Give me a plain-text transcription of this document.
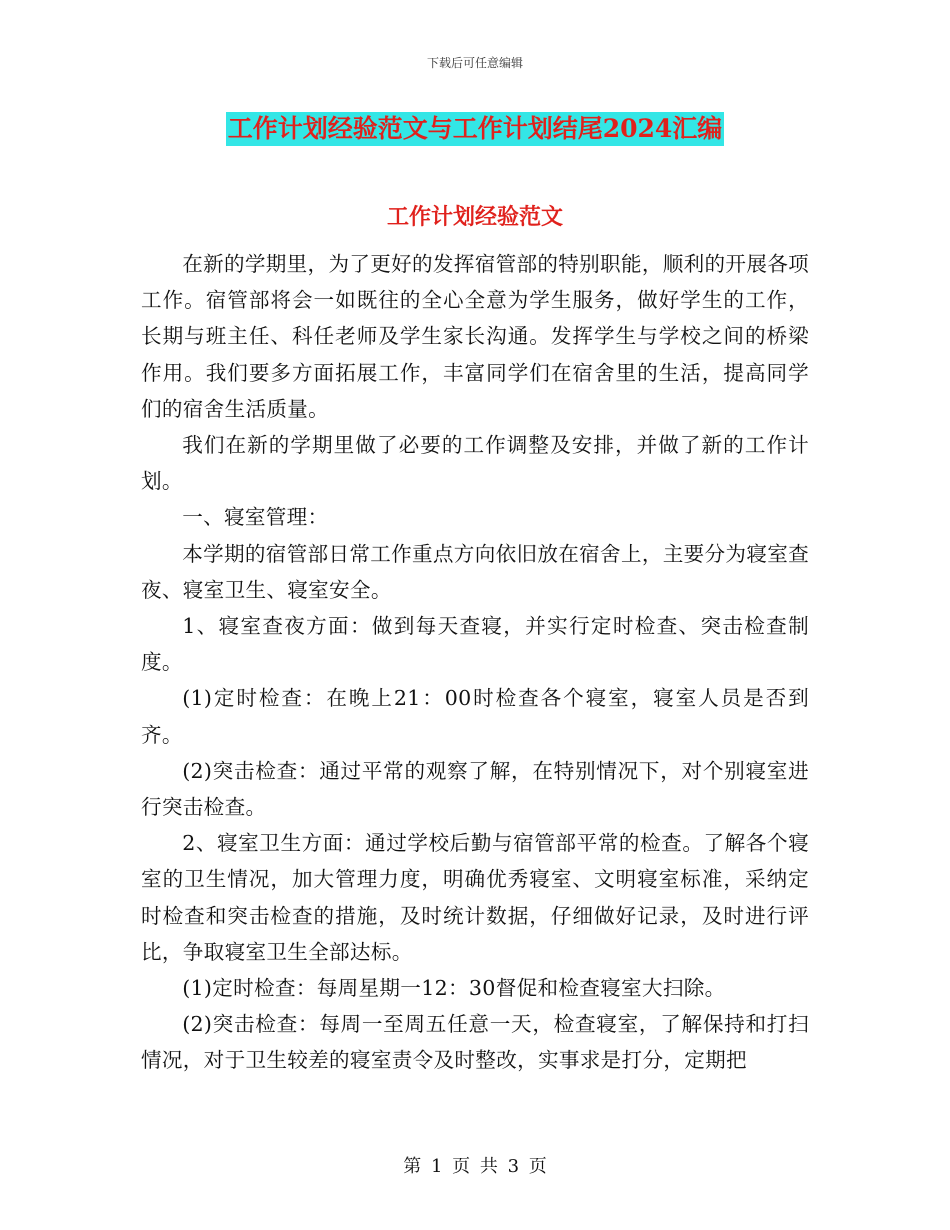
下载后可任意编辑
工作计划经验范文与工作计划结尾2024汇编
工作计划经验范文

在新的学期里，为了更好的发挥宿管部的特别职能，顺利的开展各项工作。宿管部将会一如既往的全心全意为学生服务，做好学生的工作，长期与班主任、科任老师及学生家长沟通。发挥学生与学校之间的桥梁作用。我们要多方面拓展工作，丰富同学们在宿舍里的生活，提高同学们的宿舍生活质量。

我们在新的学期里做了必要的工作调整及安排，并做了新的工作计划。

一、寝室管理：

本学期的宿管部日常工作重点方向依旧放在宿舍上，主要分为寝室查夜、寝室卫生、寝室安全。

1、寝室查夜方面：做到每天查寝，并实行定时检查、突击检查制度。

(1)定时检查：在晚上21：00时检查各个寝室，寝室人员是否到齐。

(2)突击检查：通过平常的观察了解，在特别情况下，对个别寝室进行突击检查。

2、寝室卫生方面：通过学校后勤与宿管部平常的检查。了解各个寝室的卫生情况，加大管理力度，明确优秀寝室、文明寝室标准，采纳定时检查和突击检查的措施，及时统计数据，仔细做好记录，及时进行评比，争取寝室卫生全部达标。

(1)定时检查：每周星期一12：30督促和检查寝室大扫除。

(2)突击检查：每周一至周五任意一天，检查寝室，了解保持和打扫情况，对于卫生较差的寝室责令及时整改，实事求是打分，定期把

第 1 页 共 3 页
